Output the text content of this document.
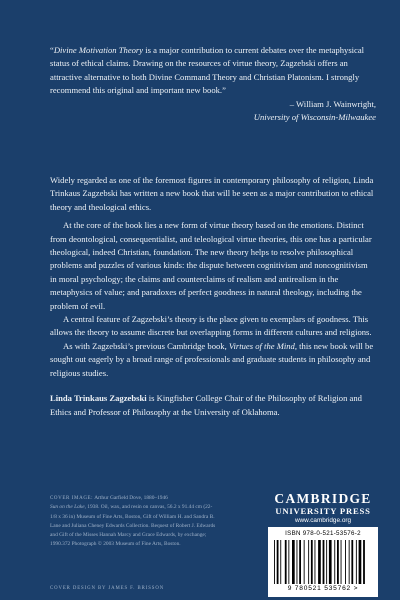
“Divine Motivation Theory is a major contribution to current debates over the metaphysical status of ethical claims. Drawing on the resources of virtue theory, Zagzebski offers an attractive alternative to both Divine Command Theory and Christian Platonism. I strongly recommend this original and important new book.”

– William J. Wainwright,

University of Wisconsin-Milwaukee

Widely regarded as one of the foremost figures in contemporary philosophy of religion, Linda Trinkaus Zagzebski has written a new book that will be seen as a major contribution to ethical theory and theological ethics.

At the core of the book lies a new form of virtue theory based on the emotions. Distinct from deontological, consequentialist, and teleological virtue theories, this one has a particular theological, indeed Christian, foundation. The new theory helps to resolve philosophical problems and puzzles of various kinds: the dispute between cognitivism and noncognitivism in moral psychology; the claims and counterclaims of realism and antirealism in the metaphysics of value; and paradoxes of perfect goodness in natural theology, including the problem of evil.

A central feature of Zagzebski’s theory is the place given to exemplars of goodness. This allows the theory to assume discrete but overlapping forms in different cultures and religions.

As with Zagzebski’s previous Cambridge book, Virtues of the Mind, this new book will be sought out eagerly by a broad range of professionals and graduate students in philosophy and religious studies.

Linda Trinkaus Zagzebski is Kingfisher College Chair of the Philosophy of Religion and Ethics and Professor of Philosophy at the University of Oklahoma.

COVER IMAGE: Arthur Garfield Dove, 1880–1946
Sun on the Lake, 1938. Oil, wax, and resin on canvas, 56.2 x 91.44 cm (22-1/8 x 36 in) Museum of Fine Arts, Boston, Gift of William H. and Sandra B. Lane and Juliana Cheney Edwards Collection. Bequest of Robert J. Edwards and Gift of the Misses Hannah Marcy and Grace Edwards, by exchange; 1990.372 Photograph © 2003 Museum of Fine Arts, Boston.
COVER DESIGN BY JAMES F. BRISSON
CAMBRIDGE
UNIVERSITY PRESS
www.cambridge.org
ISBN 978-0-521-53576-2
9 780521 535762 >
